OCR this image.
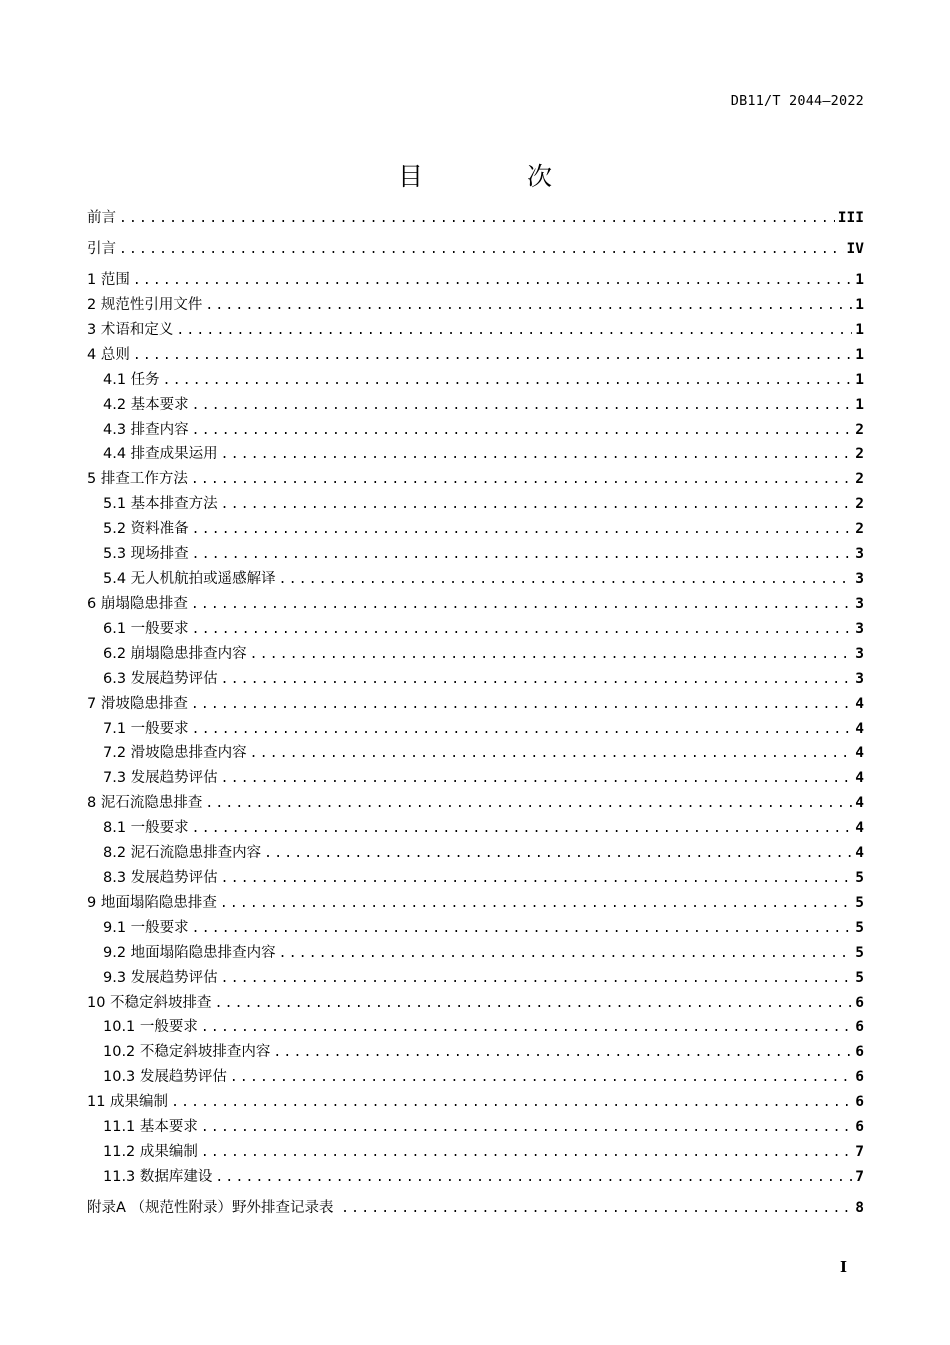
DB11/T 2044—2022
目 次
前言 .....	III
引言 .....	IV
1 范围 .....	1
2 规范性引用文件 .....	1
3 术语和定义 .....	1
4 总则 .....	1
4.1 任务 .....	1
4.2 基本要求 .....	1
4.3 排查内容 .....	2
4.4 排查成果运用 .....	2
5 排查工作方法 .....	2
5.1 基本排查方法 .....	2
5.2 资料准备 .....	2
5.3 现场排查 .....	3
5.4 无人机航拍或遥感解译 .....	3
6 崩塌隐患排查 .....	3
6.1 一般要求 .....	3
6.2 崩塌隐患排查内容 .....	3
6.3 发展趋势评估 .....	3
7 滑坡隐患排查 .....	4
7.1 一般要求 .....	4
7.2 滑坡隐患排查内容 .....	4
7.3 发展趋势评估 .....	4
8 泥石流隐患排查 .....	4
8.1 一般要求 .....	4
8.2 泥石流隐患排查内容 .....	4
8.3 发展趋势评估 .....	5
9 地面塌陷隐患排查 .....	5
9.1 一般要求 .....	5
9.2 地面塌陷隐患排查内容 .....	5
9.3 发展趋势评估 .....	5
10 不稳定斜坡排查 .....	6
10.1 一般要求 .....	6
10.2 不稳定斜坡排查内容 .....	6
10.3 发展趋势评估 .....	6
11 成果编制 .....	6
11.1 基本要求 .....	6
11.2 成果编制 .....	7
11.3 数据库建设 .....	7
附录A （规范性附录）野外排查记录表 .....	8
I
